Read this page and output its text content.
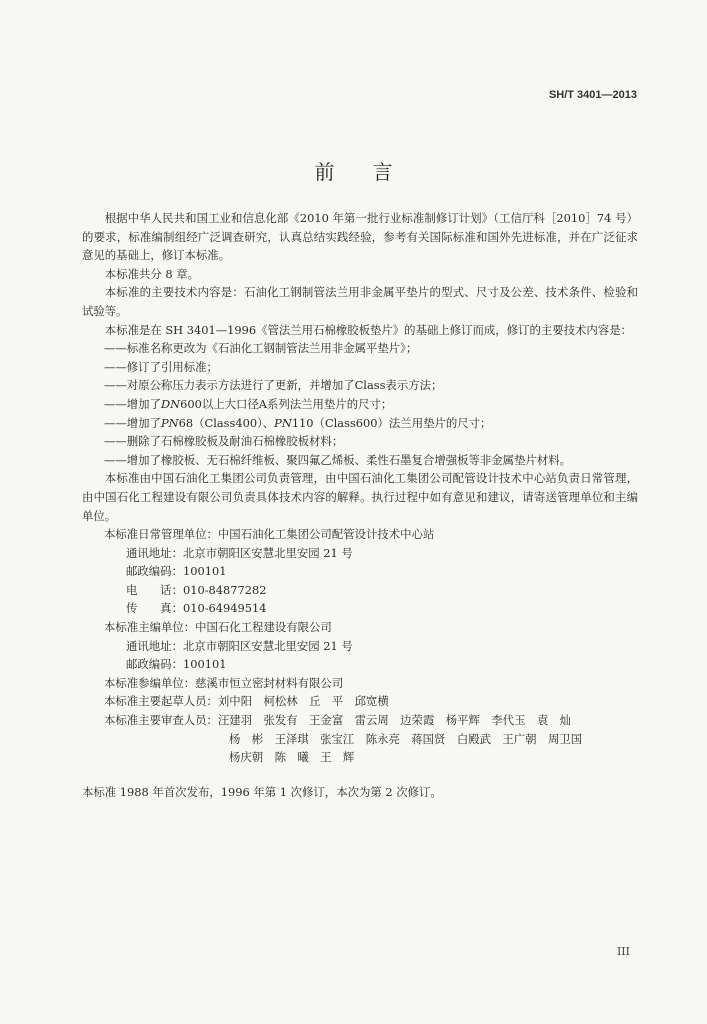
SH/T 3401—2013
前言

根据中华人民共和国工业和信息化部《2010 年第一批行业标准制修订计划》（工信厅科［2010］74 号）的要求，标准编制组经广泛调查研究，认真总结实践经验，参考有关国际标准和国外先进标准，并在广泛征求意见的基础上，修订本标准。

本标准共分 8 章。

本标准的主要技术内容是：石油化工钢制管法兰用非金属平垫片的型式、尺寸及公差、技术条件、检验和试验等。

本标准是在 SH 3401—1996《管法兰用石棉橡胶板垫片》的基础上修订而成，修订的主要技术内容是：

——标准名称更改为《石油化工钢制管法兰用非金属平垫片》；

——修订了引用标准；

——对原公称压力表示方法进行了更新，并增加了Class表示方法；

——增加了DN600以上大口径A系列法兰用垫片的尺寸；

——增加了PN68（Class400）、PN110（Class600）法兰用垫片的尺寸；

——删除了石棉橡胶板及耐油石棉橡胶板材料；

——增加了橡胶板、无石棉纤维板、聚四氟乙烯板、柔性石墨复合增强板等非金属垫片材料。

本标准由中国石油化工集团公司负责管理，由中国石油化工集团公司配管设计技术中心站负责日常管理，由中国石化工程建设有限公司负责具体技术内容的解释。执行过程中如有意见和建议，请寄送管理单位和主编单位。

本标准日常管理单位：中国石油化工集团公司配管设计技术中心站

通讯地址：北京市朝阳区安慧北里安园 21 号

邮政编码：100101

电　　话：010-84877282

传　　真：010-64949514

本标准主编单位：中国石化工程建设有限公司

通讯地址：北京市朝阳区安慧北里安园 21 号

邮政编码：100101

本标准参编单位：慈溪市恒立密封材料有限公司

本标准主要起草人员：刘中阳　柯松林　丘　平　邱宽横

本标准主要审查人员：汪建羽　张发有　王金富　雷云周　边荣霞　杨平辉　李代玉　袁　灿

杨　彬　王泽琪　张宝江　陈永亮　蒋国贤　白殿武　王广朝　周卫国

杨庆朝　陈　曦　王　辉

本标准 1988 年首次发布，1996 年第 1 次修订，本次为第 2 次修订。

III
